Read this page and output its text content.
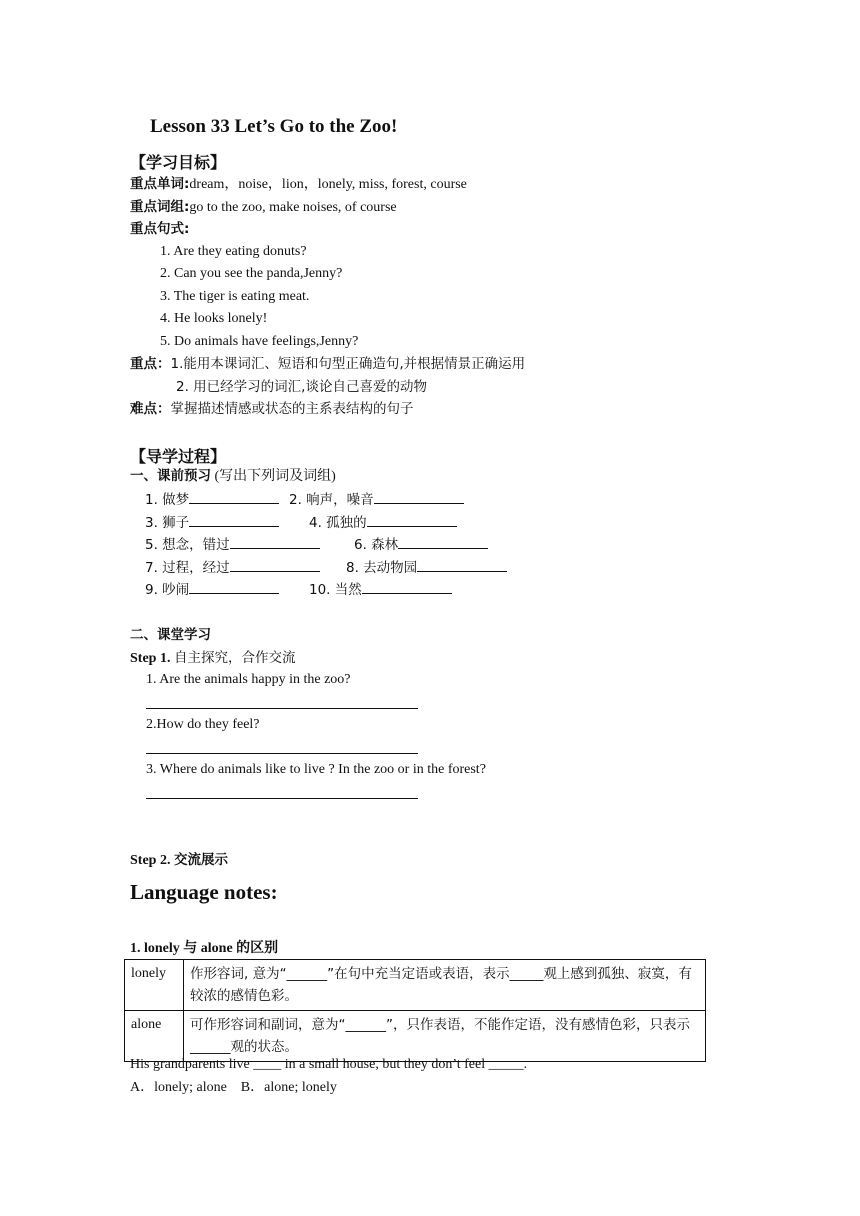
Lesson 33 Let’s Go to the Zoo!
【学习目标】
重点单词:dream，noise，lion，lonely, miss, forest, course
重点词组:go to the zoo, make noises, of course
重点句式:
1. Are they eating donuts?
2. Can you see the panda,Jenny?
3. The tiger is eating meat.
4. He looks lonely!
5. Do animals have feelings,Jenny?
重点：1.能用本课词汇、短语和句型正确造句,并根据情景正确运用
2. 用已经学习的词汇,谈论自己喜爱的动物
难点：掌握描述情感或状态的主系表结构的句子
【导学过程】
一、课前预习 (写出下列词及词组)
1. 做梦	2. 响声，噪音
3. 狮子	4. 孤独的
5. 想念，错过	6. 森林
7. 过程，经过	8. 去动物园
9. 吵闹	10. 当然
二、课堂学习
Step 1. 自主探究，合作交流
1. Are the animals happy in the zoo?
2.How do they feel?
3. Where do animals like to live ? In the zoo or in the forest?
Step 2. 交流展示
Language notes:
1. lonely 与 alone 的区别
lonely	作形容词, 意为“______”在句中充当定语或表语，表示_____观上感到孤独、寂寞，有较浓的感情色彩。
alone	可作形容词和副词，意为“______”，只作表语，不能作定语，没有感情色彩，只表示______观的状态。
His grandparents live ____ in a small house, but they don’t feel _____.
A．lonely; alone    B．alone; lonely
